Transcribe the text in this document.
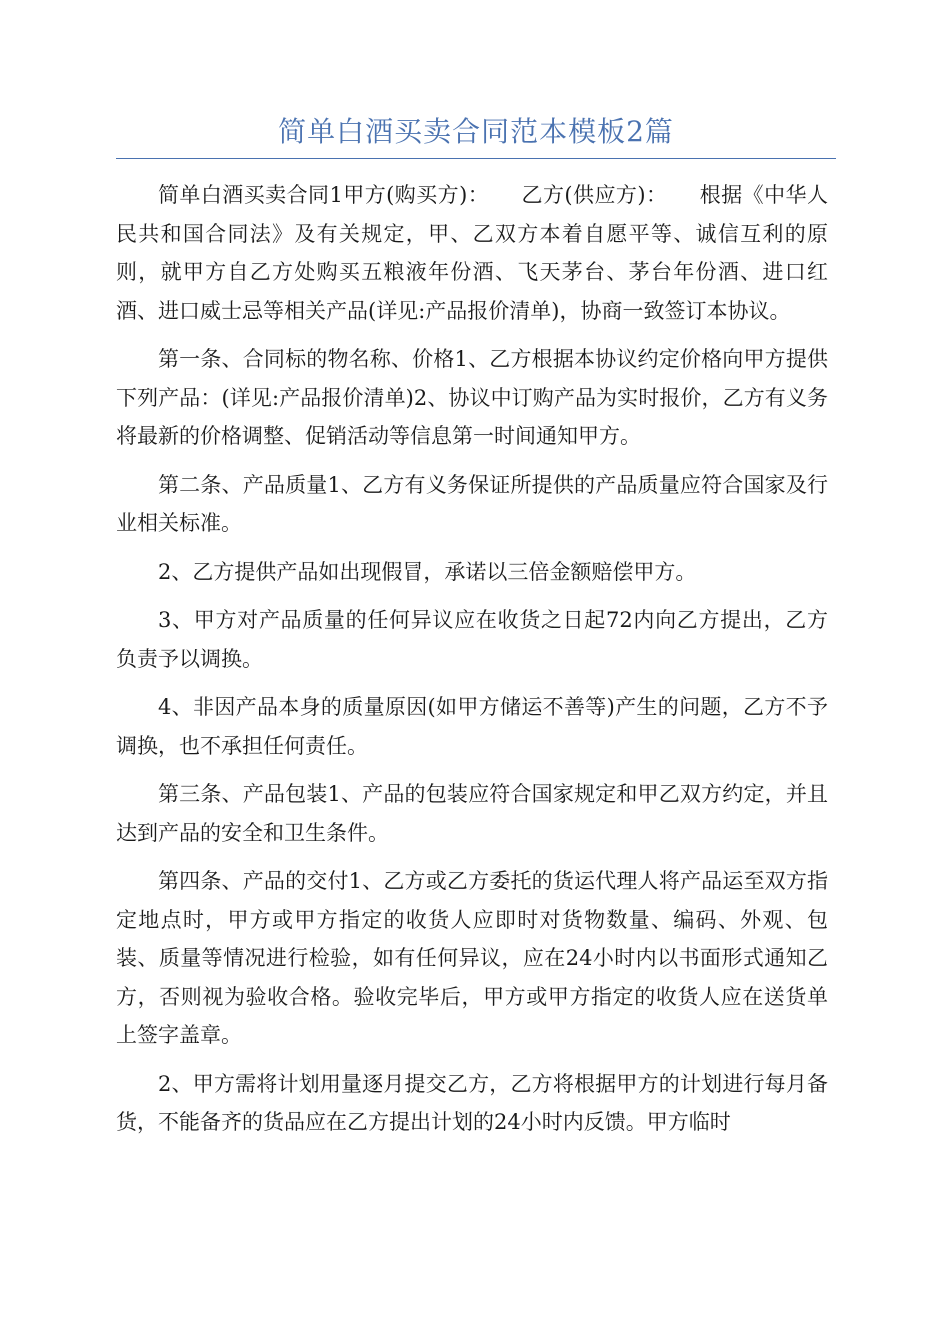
简单白酒买卖合同范本模板2篇

简单白酒买卖合同1甲方(购买方)：　　乙方(供应方)：　　根据《中华人民共和国合同法》及有关规定，甲、乙双方本着自愿平等、诚信互利的原则，就甲方自乙方处购买五粮液年份酒、飞天茅台、茅台年份酒、进口红酒、进口威士忌等相关产品(详见:产品报价清单)，协商一致签订本协议。

第一条、合同标的物名称、价格1、乙方根据本协议约定价格向甲方提供下列产品：(详见:产品报价清单)2、协议中订购产品为实时报价，乙方有义务将最新的价格调整、促销活动等信息第一时间通知甲方。

第二条、产品质量1、乙方有义务保证所提供的产品质量应符合国家及行业相关标准。

2、乙方提供产品如出现假冒，承诺以三倍金额赔偿甲方。

3、甲方对产品质量的任何异议应在收货之日起72内向乙方提出，乙方负责予以调换。

4、非因产品本身的质量原因(如甲方储运不善等)产生的问题，乙方不予调换，也不承担任何责任。

第三条、产品包装1、产品的包装应符合国家规定和甲乙双方约定，并且达到产品的安全和卫生条件。

第四条、产品的交付1、乙方或乙方委托的货运代理人将产品运至双方指定地点时，甲方或甲方指定的收货人应即时对货物数量、编码、外观、包装、质量等情况进行检验，如有任何异议，应在24小时内以书面形式通知乙方，否则视为验收合格。验收完毕后，甲方或甲方指定的收货人应在送货单上签字盖章。

2、甲方需将计划用量逐月提交乙方，乙方将根据甲方的计划进行每月备货，不能备齐的货品应在乙方提出计划的24小时内反馈。甲方临时
